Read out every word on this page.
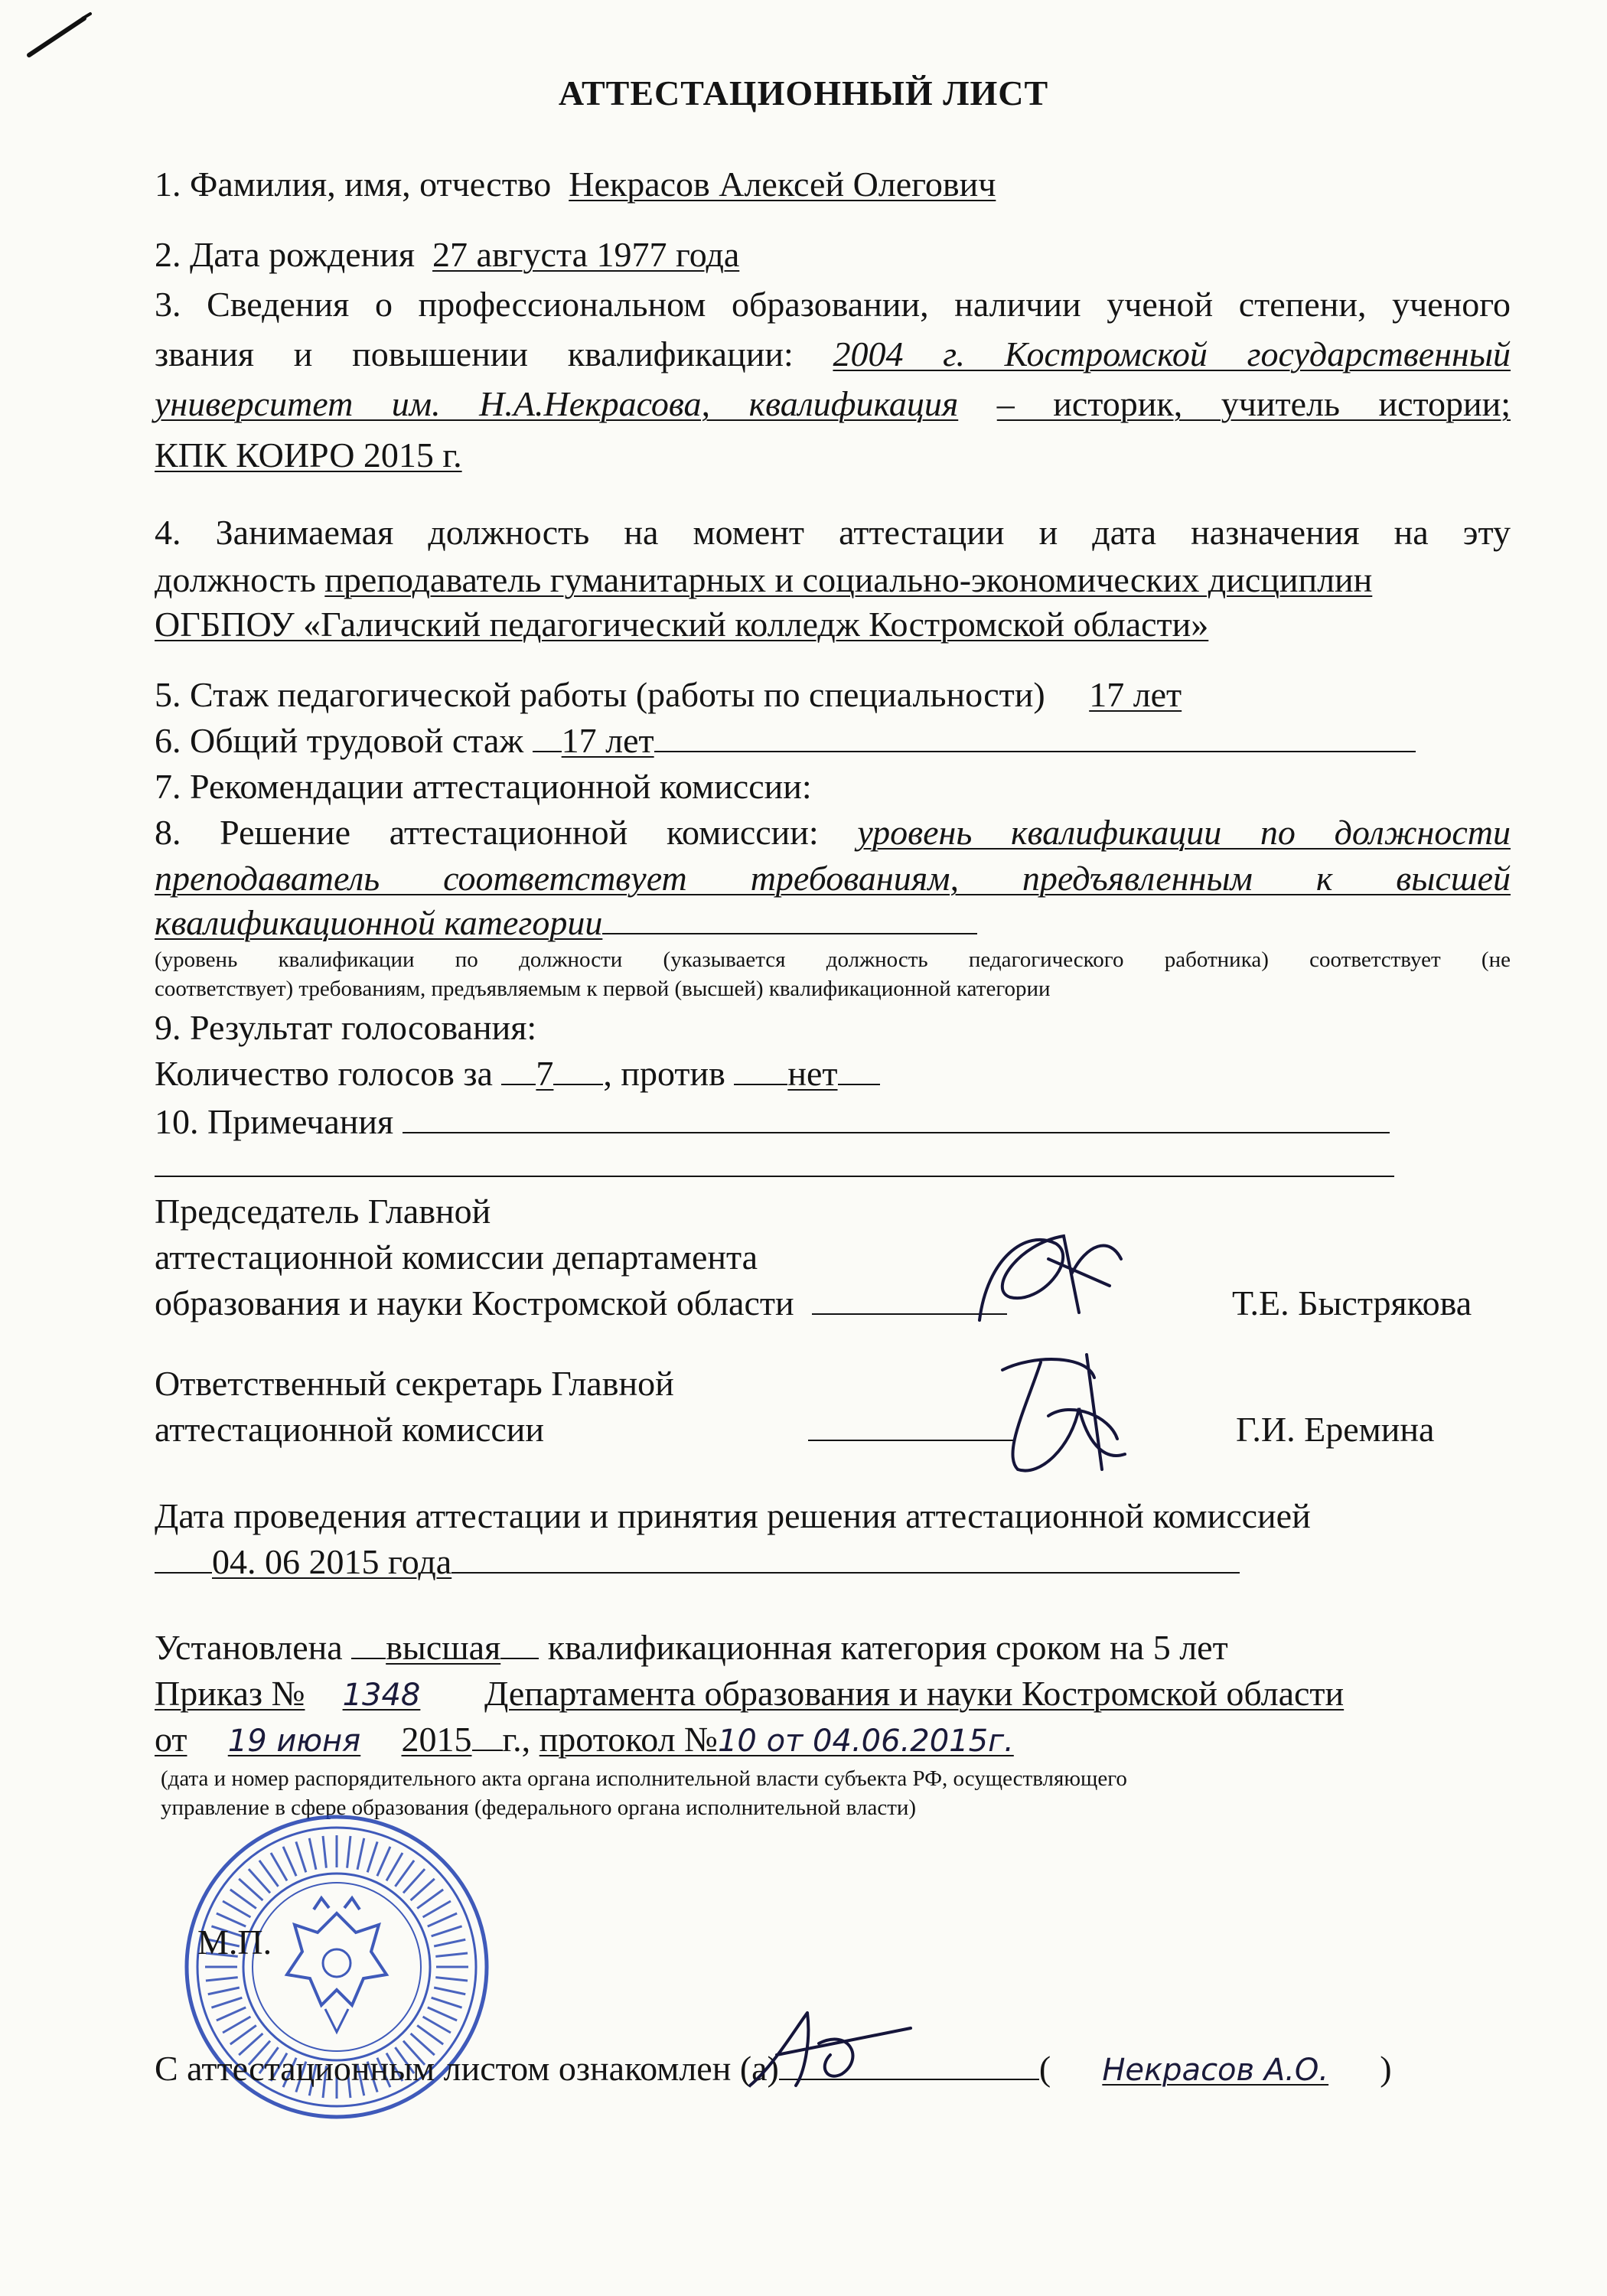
АТТЕСТАЦИОННЫЙ ЛИСТ
1. Фамилия, имя, отчество Некрасов Алексей Олегович
2. Дата рождения 27 августа 1977 года
3. Сведения о профессиональном образовании, наличии ученой степени, ученого
звания и повышении квалификации: 2004 г. Костромской государственный
университет им. Н.А.Некрасова, квалификация – историк, учитель истории;
КПК КОИРО 2015 г.
4. Занимаемая должность на момент аттестации и дата назначения на эту
должность преподаватель гуманитарных и социально-экономических дисциплин
ОГБПОУ «Галичский педагогический колледж Костромской области»
5. Стаж педагогической работы (работы по специальности) 17 лет
6. Общий трудовой стаж 17 лет
7. Рекомендации аттестационной комиссии:
8. Решение аттестационной комиссии: уровень квалификации по должности
преподаватель соответствует требованиям, предъявленным к высшей
квалификационной категории
(уровень квалификации по должности (указывается должность педагогического работника) соответствует (не
соответствует) требованиям, предъявляемым к первой (высшей) квалификационной категории
9. Результат голосования:
Количество голосов за 7 , против нет
10. Примечания
Председатель Главной
аттестационной комиссии департамента
образования и науки Костромской области	Т.Е. Быстрякова
Ответственный секретарь Главной
аттестационной комиссии	Г.И. Еремина
Дата проведения аттестации и принятия решения аттестационной комиссией
04. 06 2015 года
Установлена высшая квалификационная категория сроком на 5 лет
Приказ № 1348 Департамента образования и науки Костромской области
от 19 июня 2015 г., протокол №10 от 04.06.2015г.
(дата и номер распорядительного акта органа исполнительной власти субъекта РФ, осуществляющего
управление в сфере образования (федерального органа исполнительной власти)
М.П.
С аттестационным листом ознакомлен (а)	( Некрасов А.О. )
